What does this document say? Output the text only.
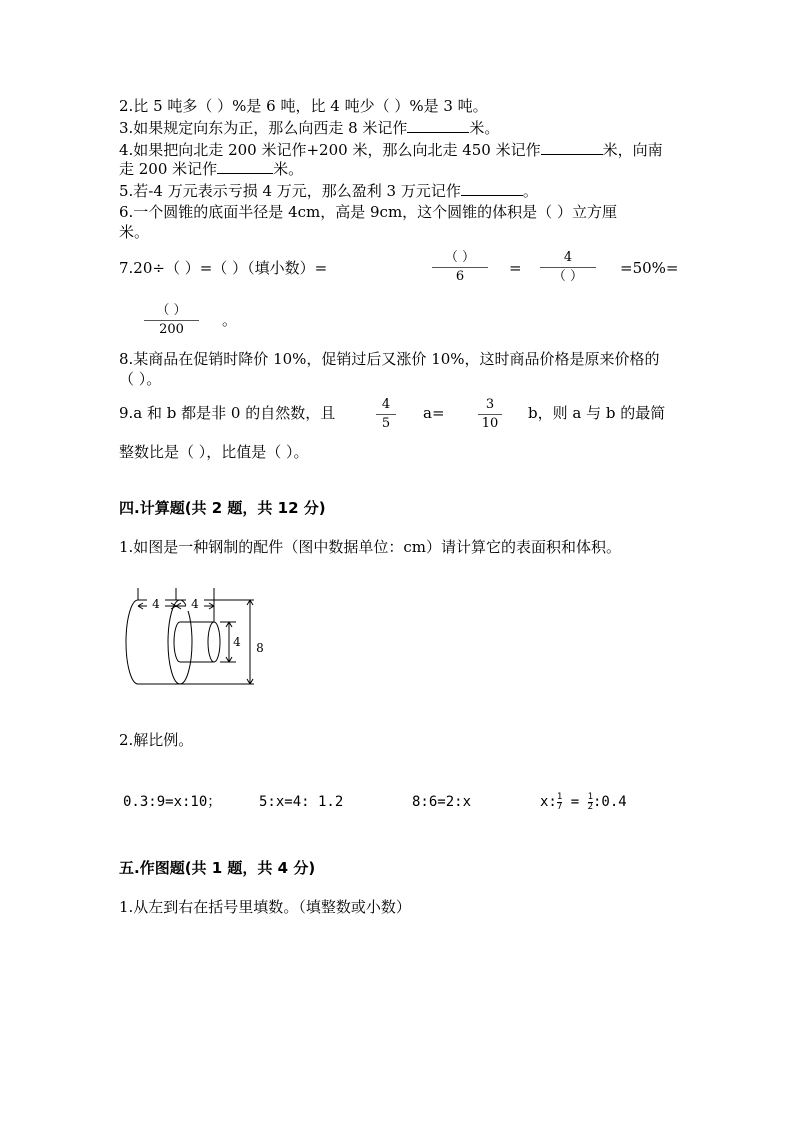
2.比 5 吨多（ ）%是 6 吨，比 4 吨少（ ）%是 3 吨。
3.如果规定向东为正，那么向西走 8 米记作	米。
4.如果把向北走 200 米记作+200 米，那么向北走 450 米记作	米，向南
走 200 米记作	米。
5.若-4 万元表示亏损 4 万元，那么盈利 3 万元记作	。
6.一个圆锥的底面半径是 4cm，高是 9cm，这个圆锥的体积是（ ）立方厘
米。
7.20÷（ ）=（ ）（填小数）=
（ ）
6	=
4
（ ）	=50%=
（ ）
200
。
8.某商品在促销时降价 10%，促销过后又涨价 10%，这时商品价格是原来价格的
（ ）。
9.a 和 b 都是非 0 的自然数，且	4
5
a=	3
10
b，则 a 与 b 的最简
整数比是（ ），比值是（ ）。
四.计算题(共 2 题，共 12 分)
1.如图是一种钢制的配件（图中数据单位：cm）请计算它的表面积和体积。
4	4
4 8
2.解比例。
0.3:9=x:10；	5:x=4: 1.2	8:6=2:x	$x:\frac{1}{7}$ = $\frac{1}{2}:0.4$
五.作图题(共 1 题，共 4 分)
1.从左到右在括号里填数。（填整数或小数）
